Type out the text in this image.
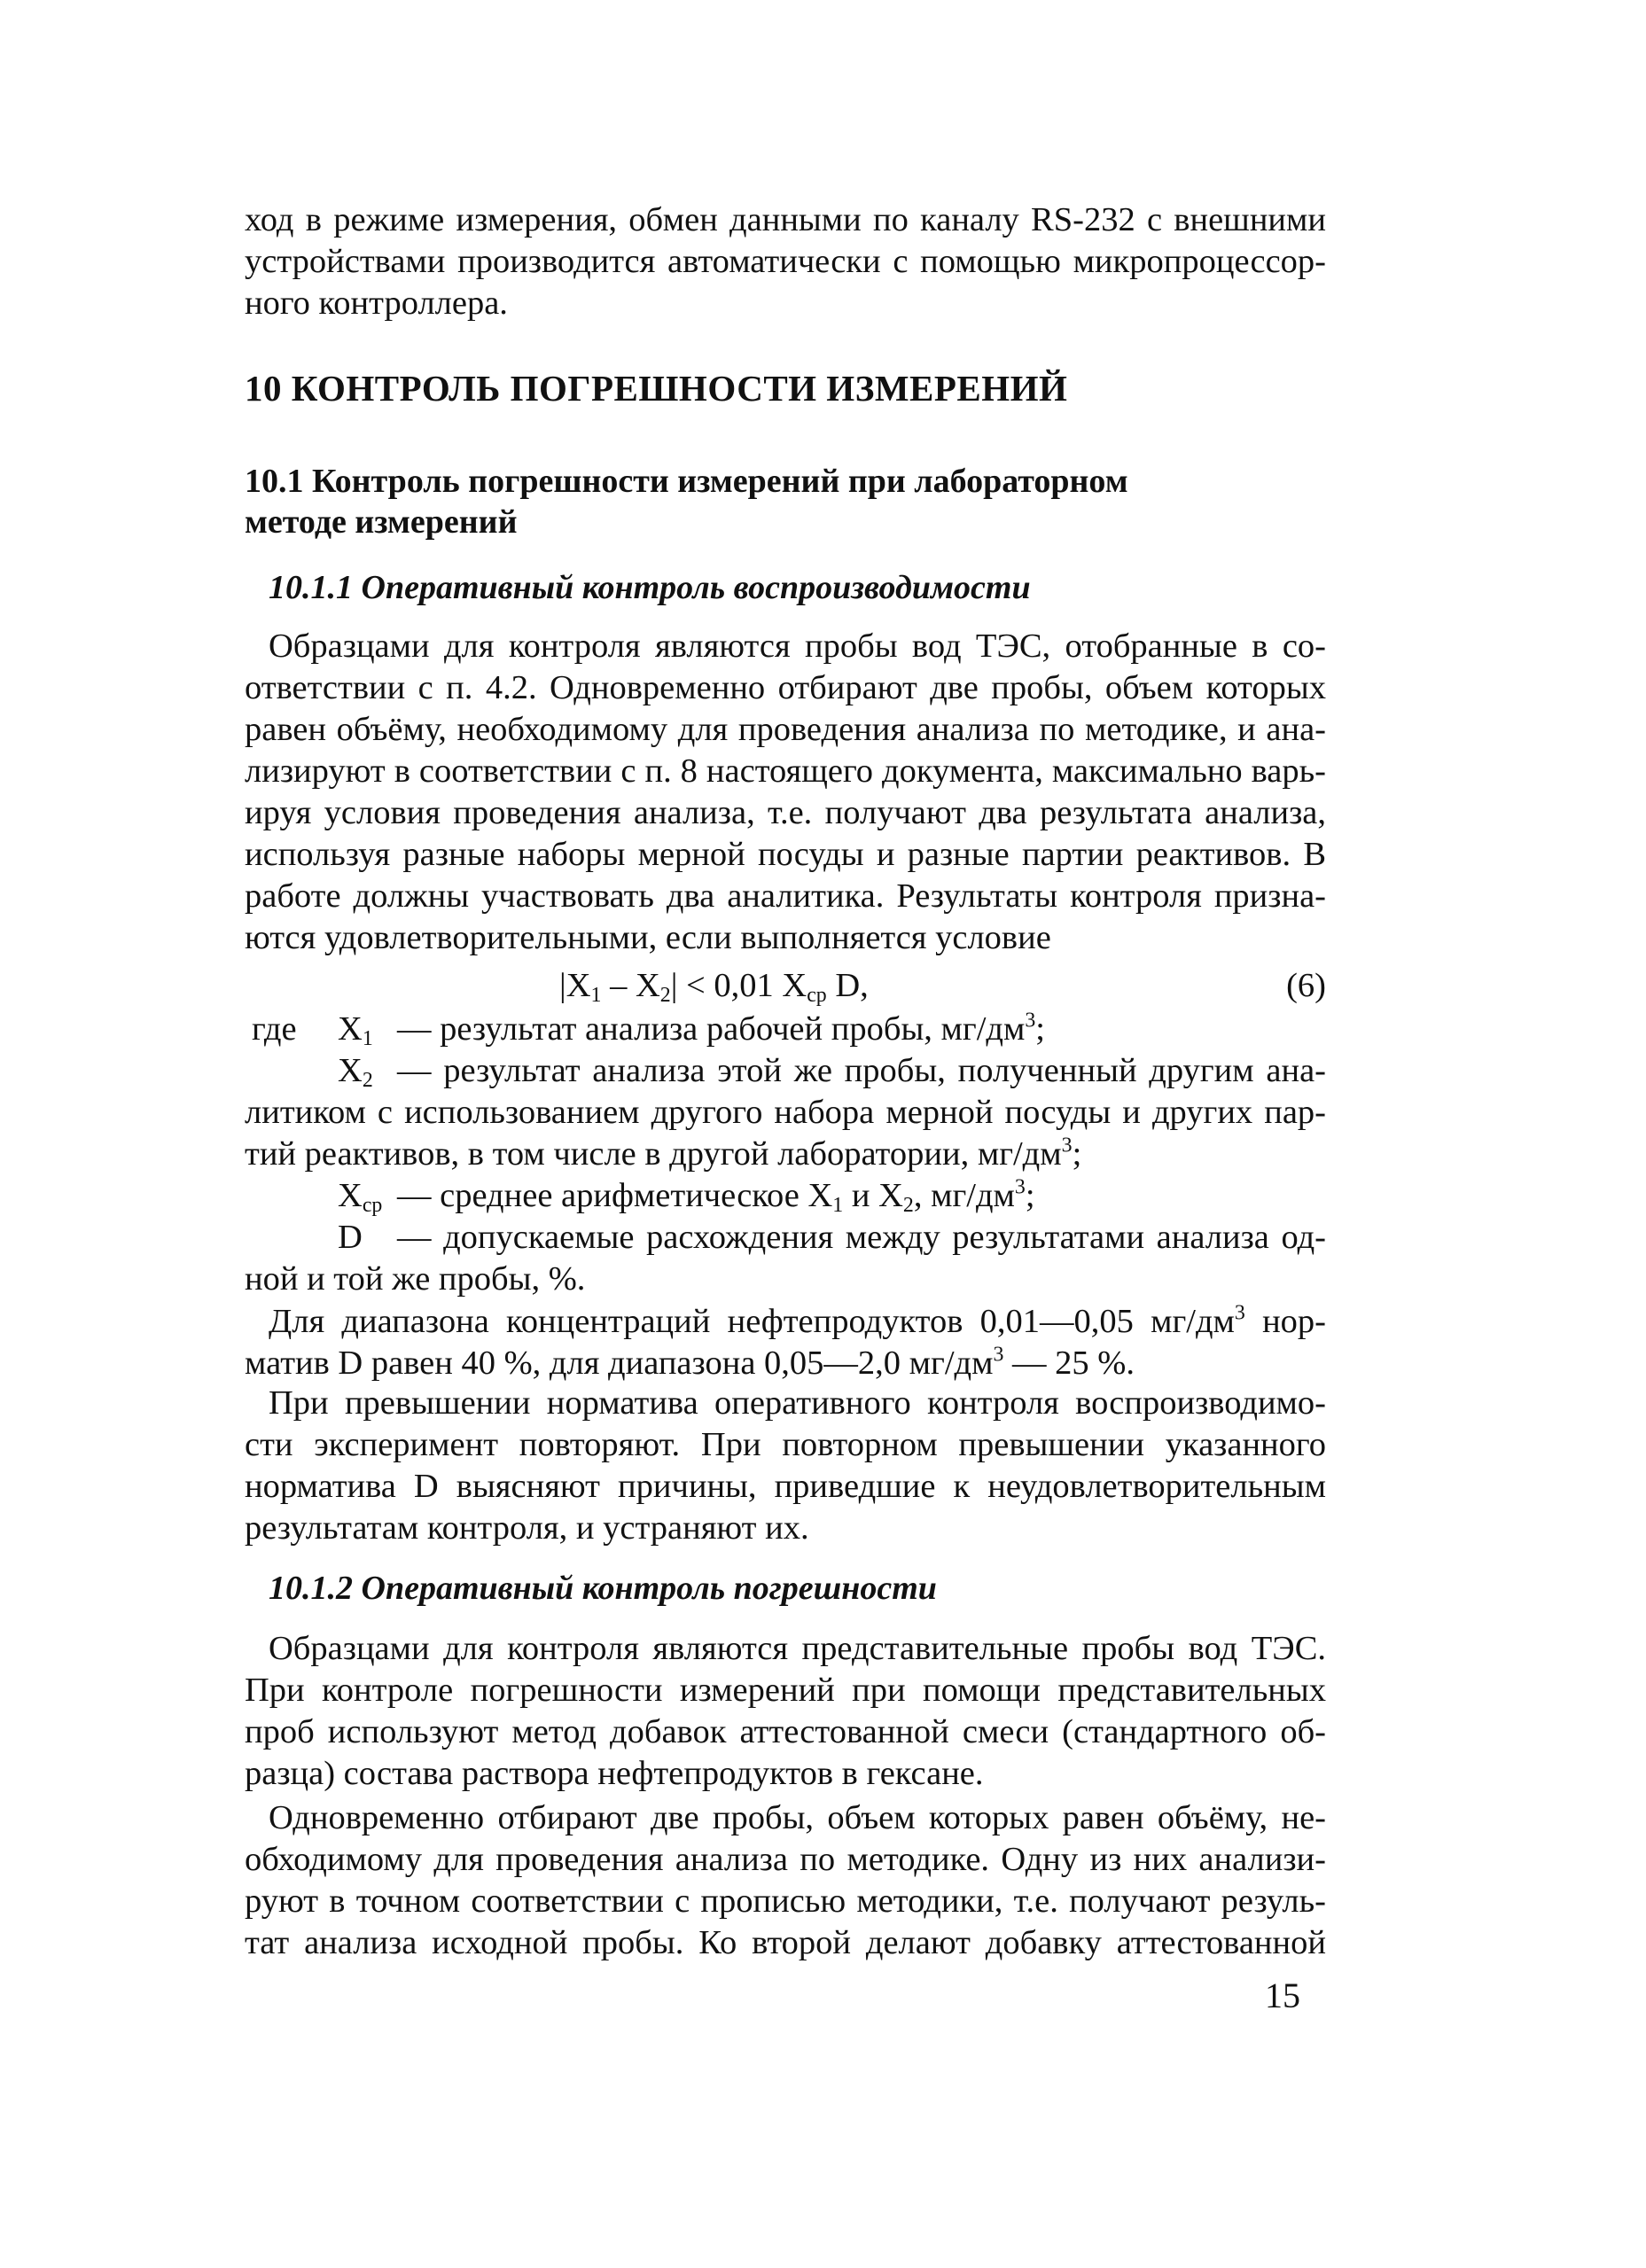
ход в режиме измерения, обмен данными по каналу RS-232 с внешними
устройствами производится автоматически с помощью микропроцессор-
ного контроллера.
10 КОНТРОЛЬ ПОГРЕШНОСТИ ИЗМЕРЕНИЙ
10.1 Контроль погрешности измерений при лабораторном
методе измерений
10.1.1 Оперативный контроль воспроизводимости
Образцами для контроля являются пробы вод ТЭС, отобранные в со-
ответствии с п. 4.2. Одновременно отбирают две пробы, объем которых
равен объёму, необходимому для проведения анализа по методике, и ана-
лизируют в соответствии с п. 8 настоящего документа, максимально варь-
ируя условия проведения анализа, т.е. получают два результата анализа,
используя разные наборы мерной посуды и разные партии реактивов. В
работе должны участвовать два аналитика. Результаты контроля призна-
ются удовлетворительными, если выполняется условие
$|X_1 - X_2| < 0,01$ $X_{ср}$ D,	(6)
где $X_1$ — результат анализа рабочей пробы, $мг/дм^3$;
$X_2$ — результат анализа этой же пробы, полученный другим ана-
литиком с использованием другого набора мерной посуды и других пар-
тий реактивов, в том числе в другой лаборатории, $мг/дм^3$;
$X_{ср}$ — среднее арифметическое $X_1$ и $X_2$, $мг/дм^3$;
D — допускаемые расхождения между результатами анализа од-
ной и той же пробы, %.
Для диапазона концентраций нефтепродуктов 0,01—0,05 $мг/дм^3$ нор-
матив D равен 40 %, для диапазона 0,05—2,0 $мг/дм^3$ — 25 %.
При превышении норматива оперативного контроля воспроизводимо-
сти эксперимент повторяют. При повторном превышении указанного
норматива D выясняют причины, приведшие к неудовлетворительным
результатам контроля, и устраняют их.
10.1.2 Оперативный контроль погрешности
Образцами для контроля являются представительные пробы вод ТЭС.
При контроле погрешности измерений при помощи представительных
проб используют метод добавок аттестованной смеси (стандартного об-
разца) состава раствора нефтепродуктов в гексане.
Одновременно отбирают две пробы, объем которых равен объёму, не-
обходимому для проведения анализа по методике. Одну из них анализи-
руют в точном соответствии с прописью методики, т.е. получают резуль-
тат анализа исходной пробы. Ко второй делают добавку аттестованной
15
